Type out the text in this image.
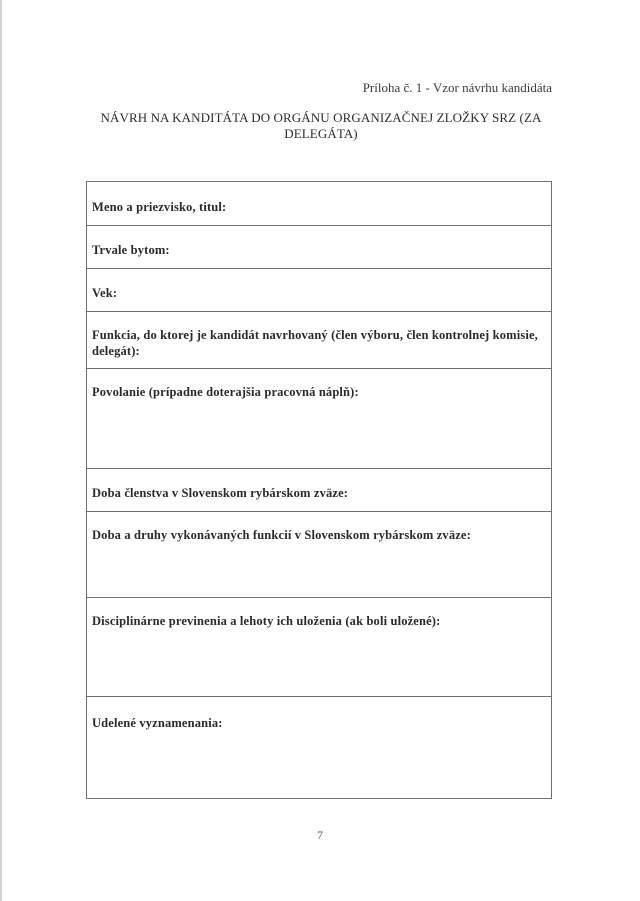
Príloha č. 1 - Vzor návrhu kandidáta
NÁVRH NA KANDITÁTA DO ORGÁNU ORGANIZAČNEJ ZLOŽKY SRZ (ZA DELEGÁTA)
Meno a priezvisko, titul:
Trvale bytom:
Vek:
Funkcia, do ktorej je kandidát navrhovaný (člen výboru, člen kontrolnej komisie, delegát):
Povolanie (prípadne doterajšia pracovná náplň):
Doba členstva v Slovenskom rybárskom zväze:
Doba a druhy vykonávaných funkcií v Slovenskom rybárskom zväze:
Disciplinárne previnenia a lehoty ich uloženia (ak boli uložené):
Udelené vyznamenania:
7
